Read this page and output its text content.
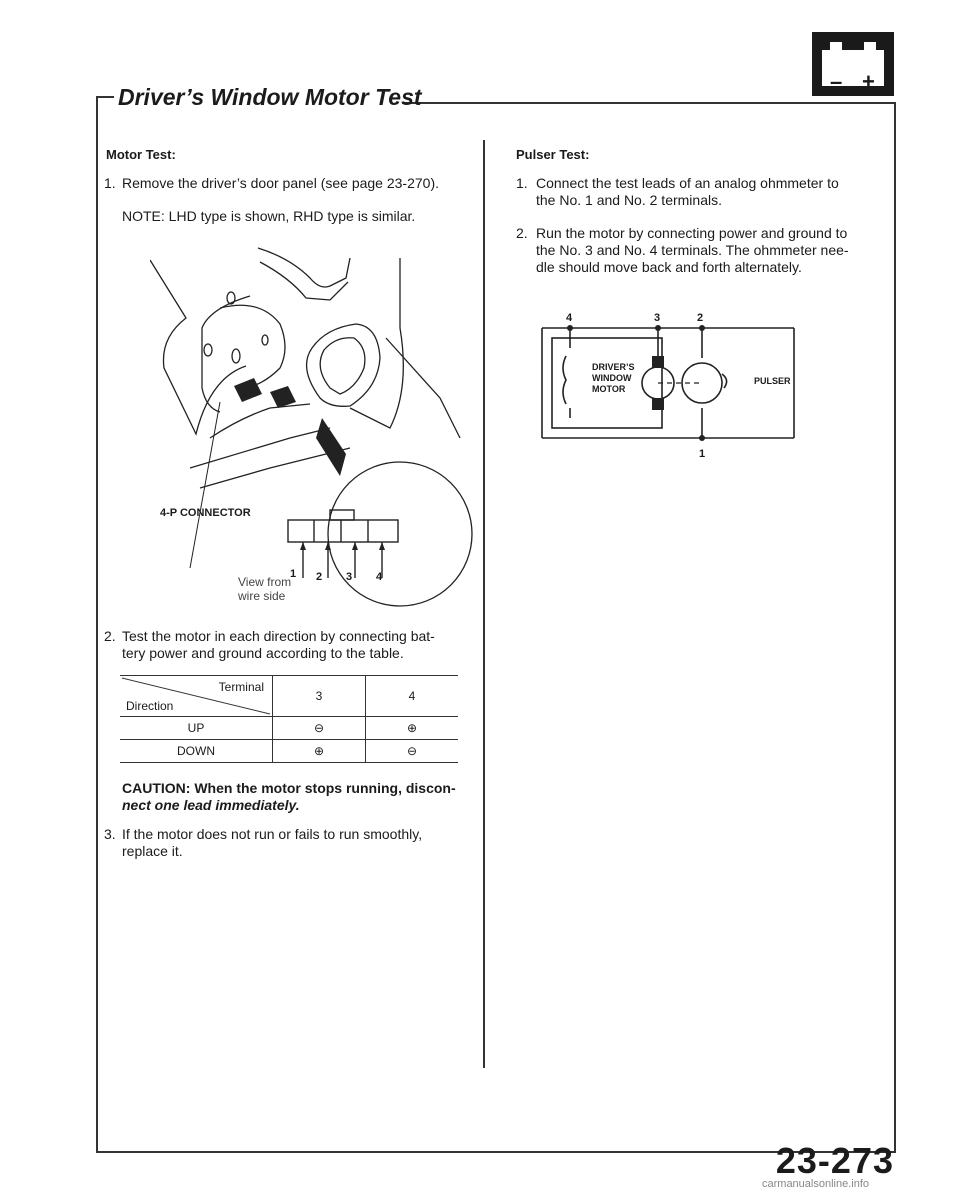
– +
Driver’s Window Motor Test
Motor Test:
1. Remove the driver’s door panel (see page 23-270).
NOTE: LHD type is shown, RHD type is similar.
4-P CONNECTOR
View from
wire side
1 2 3 4
2. Test the motor in each direction by connecting bat-
tery power and ground according to the table.
Terminal
Direction	3	4
UP	⊖	⊕
DOWN	⊕	⊖
CAUTION: When the motor stops running, discon-
nect one lead immediately.
3. If the motor does not run or fails to run smoothly,
replace it.
Pulser Test:
1. Connect the test leads of an analog ohmmeter to
the No. 1 and No. 2 terminals.
2. Run the motor by connecting power and ground to
the No. 3 and No. 4 terminals. The ohmmeter nee-
dle should move back and forth alternately.
4	3	2
1
DRIVER’S
WINDOW
MOTOR
PULSER
23-273
carmanualsonline.info
